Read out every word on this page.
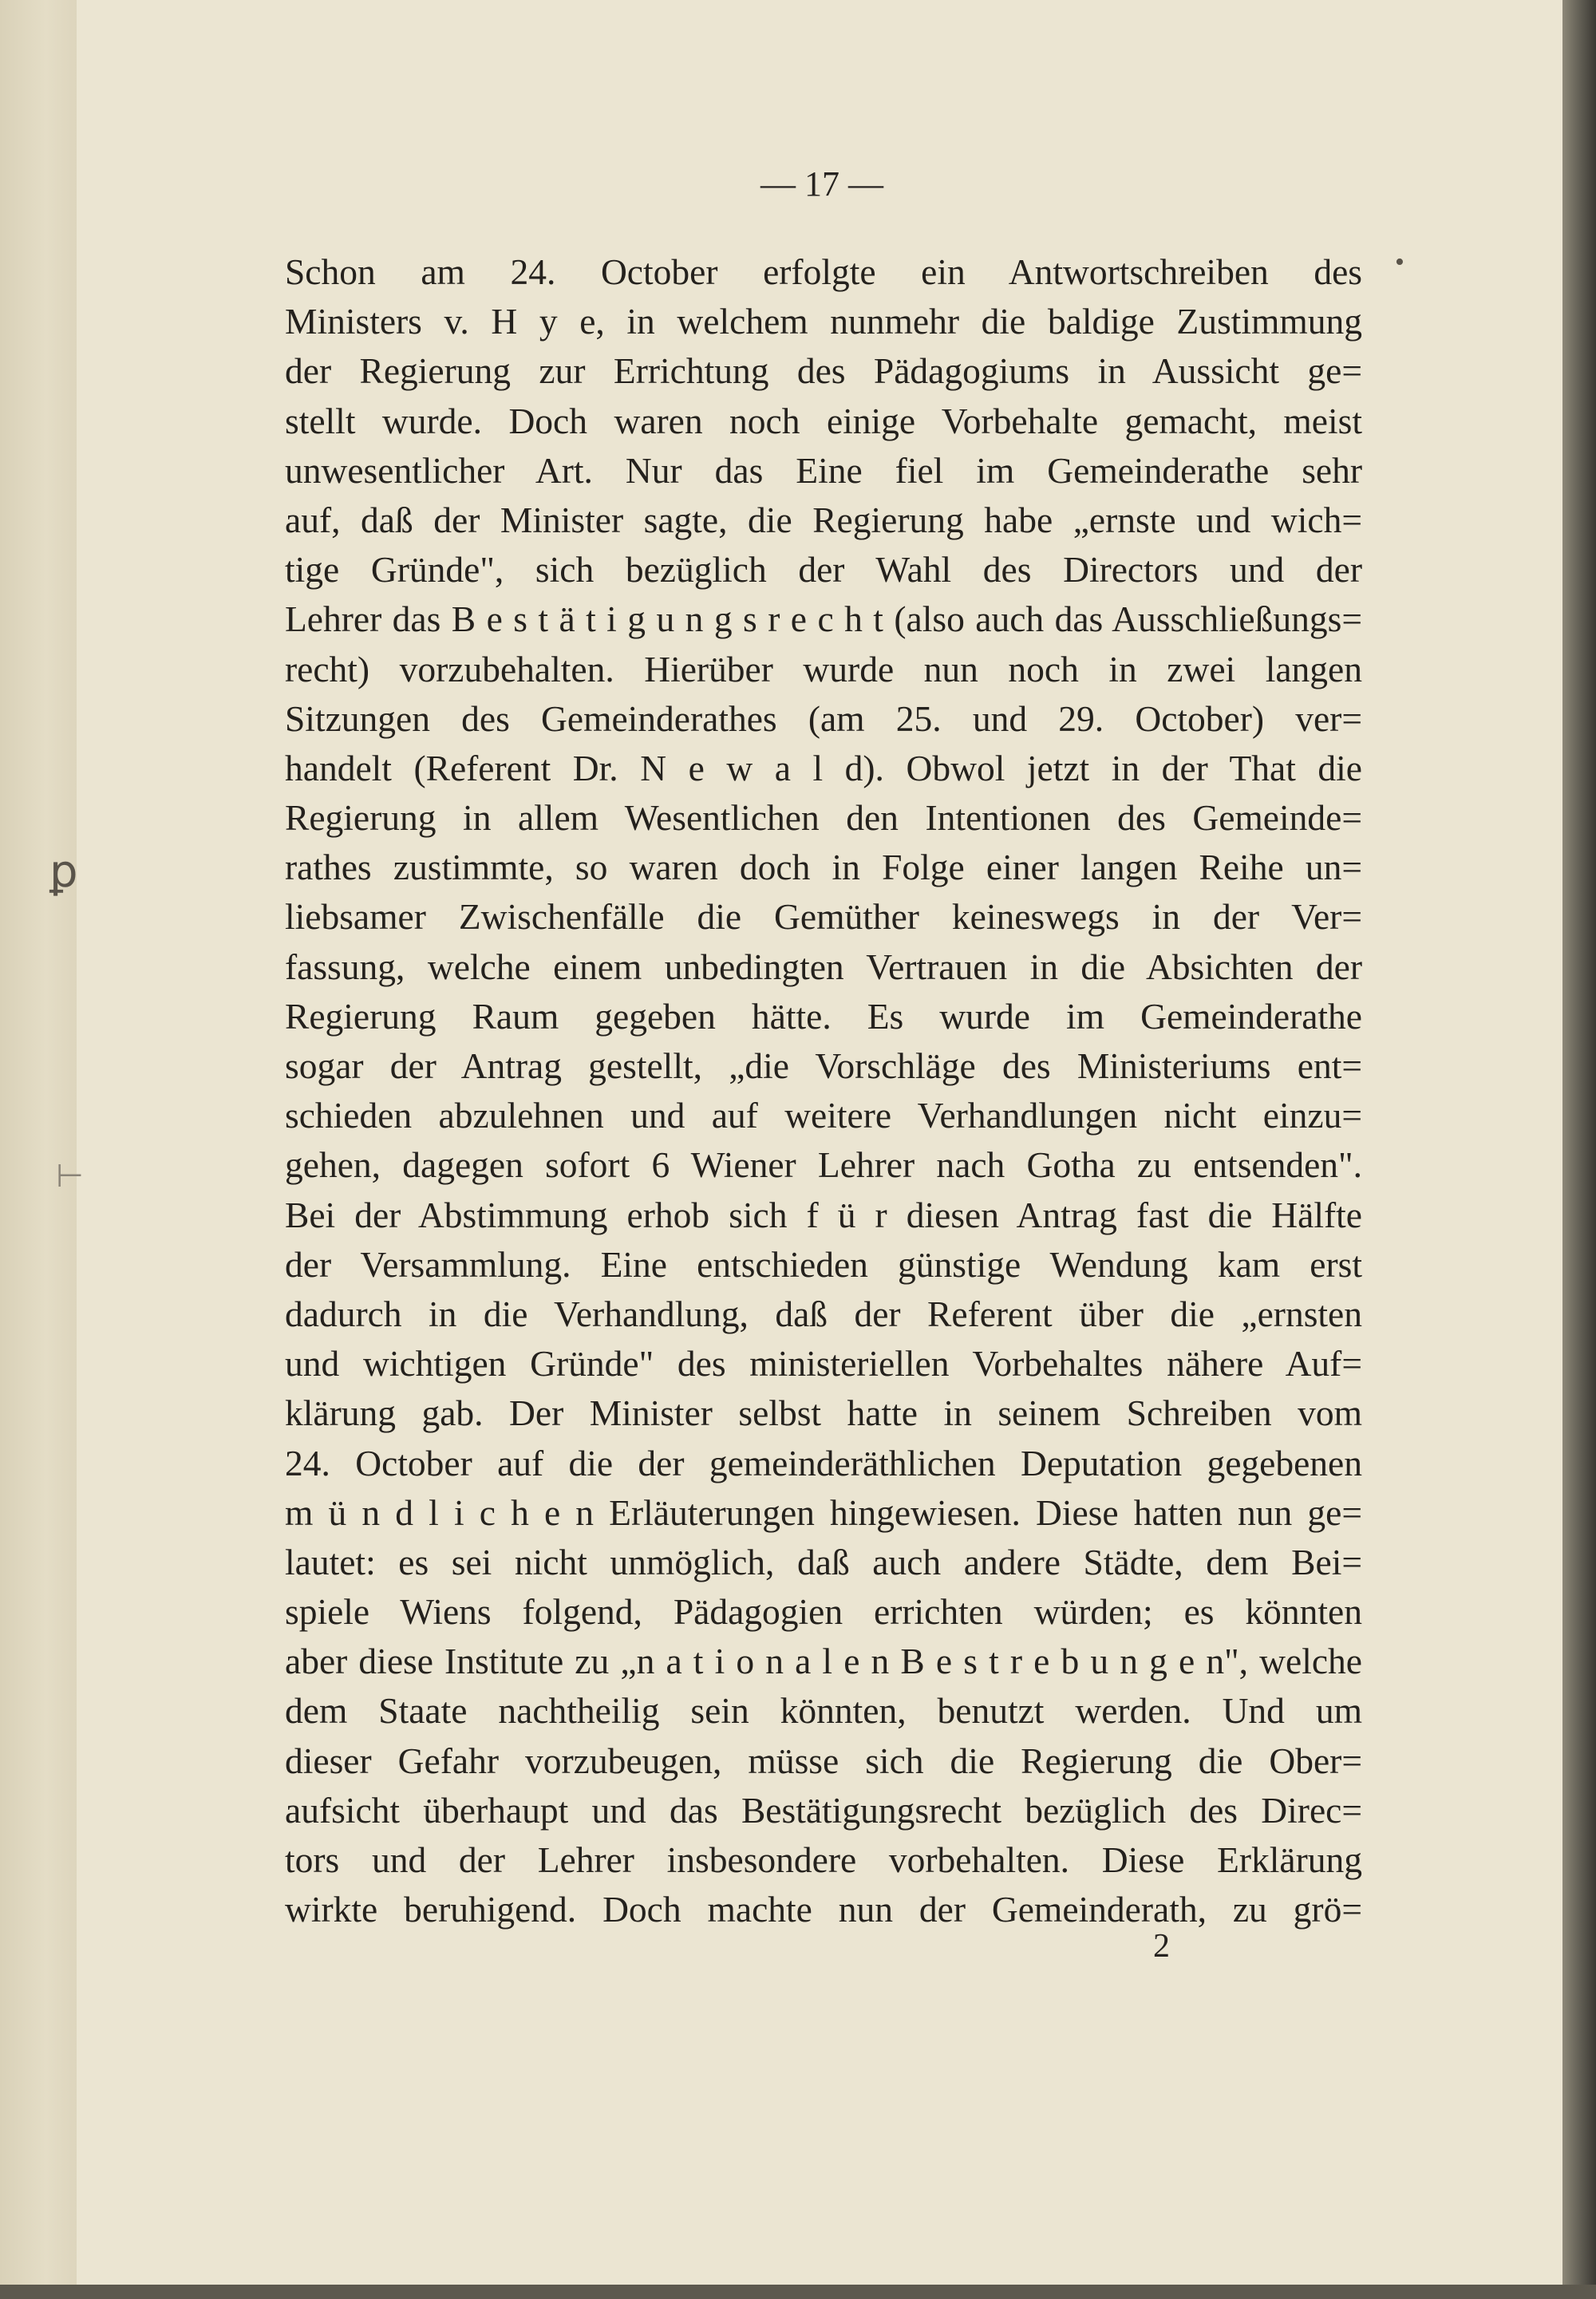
ꝑ
⊢
•
— 17 —
Schon am 24. October erfolgte ein Antwortschreiben des
Ministers v. H y e, in welchem nunmehr die baldige Zustimmung
der Regierung zur Errichtung des Pädagogiums in Aussicht ge=
stellt wurde. Doch waren noch einige Vorbehalte gemacht, meist
unwesentlicher Art. Nur das Eine fiel im Gemeinderathe sehr
auf, daß der Minister sagte, die Regierung habe „ernste und wich=
tige Gründe", sich bezüglich der Wahl des Directors und der
Lehrer das B e s t ä t i g u n g s r e c h t (also auch das Ausschließungs=
recht) vorzubehalten. Hierüber wurde nun noch in zwei langen
Sitzungen des Gemeinderathes (am 25. und 29. October) ver=
handelt (Referent Dr. N e w a l d). Obwol jetzt in der That die
Regierung in allem Wesentlichen den Intentionen des Gemeinde=
rathes zustimmte, so waren doch in Folge einer langen Reihe un=
liebsamer Zwischenfälle die Gemüther keineswegs in der Ver=
fassung, welche einem unbedingten Vertrauen in die Absichten der
Regierung Raum gegeben hätte. Es wurde im Gemeinderathe
sogar der Antrag gestellt, „die Vorschläge des Ministeriums ent=
schieden abzulehnen und auf weitere Verhandlungen nicht einzu=
gehen, dagegen sofort 6 Wiener Lehrer nach Gotha zu entsenden".
Bei der Abstimmung erhob sich f ü r diesen Antrag fast die Hälfte
der Versammlung. Eine entschieden günstige Wendung kam erst
dadurch in die Verhandlung, daß der Referent über die „ernsten
und wichtigen Gründe" des ministeriellen Vorbehaltes nähere Auf=
klärung gab. Der Minister selbst hatte in seinem Schreiben vom
24. October auf die der gemeinderäthlichen Deputation gegebenen
m ü n d l i c h e n Erläuterungen hingewiesen. Diese hatten nun ge=
lautet: es sei nicht unmöglich, daß auch andere Städte, dem Bei=
spiele Wiens folgend, Pädagogien errichten würden; es könnten
aber diese Institute zu „n a t i o n a l e n B e s t r e b u n g e n", welche
dem Staate nachtheilig sein könnten, benutzt werden. Und um
dieser Gefahr vorzubeugen, müsse sich die Regierung die Ober=
aufsicht überhaupt und das Bestätigungsrecht bezüglich des Direc=
tors und der Lehrer insbesondere vorbehalten. Diese Erklärung
wirkte beruhigend. Doch machte nun der Gemeinderath, zu grö=
2
